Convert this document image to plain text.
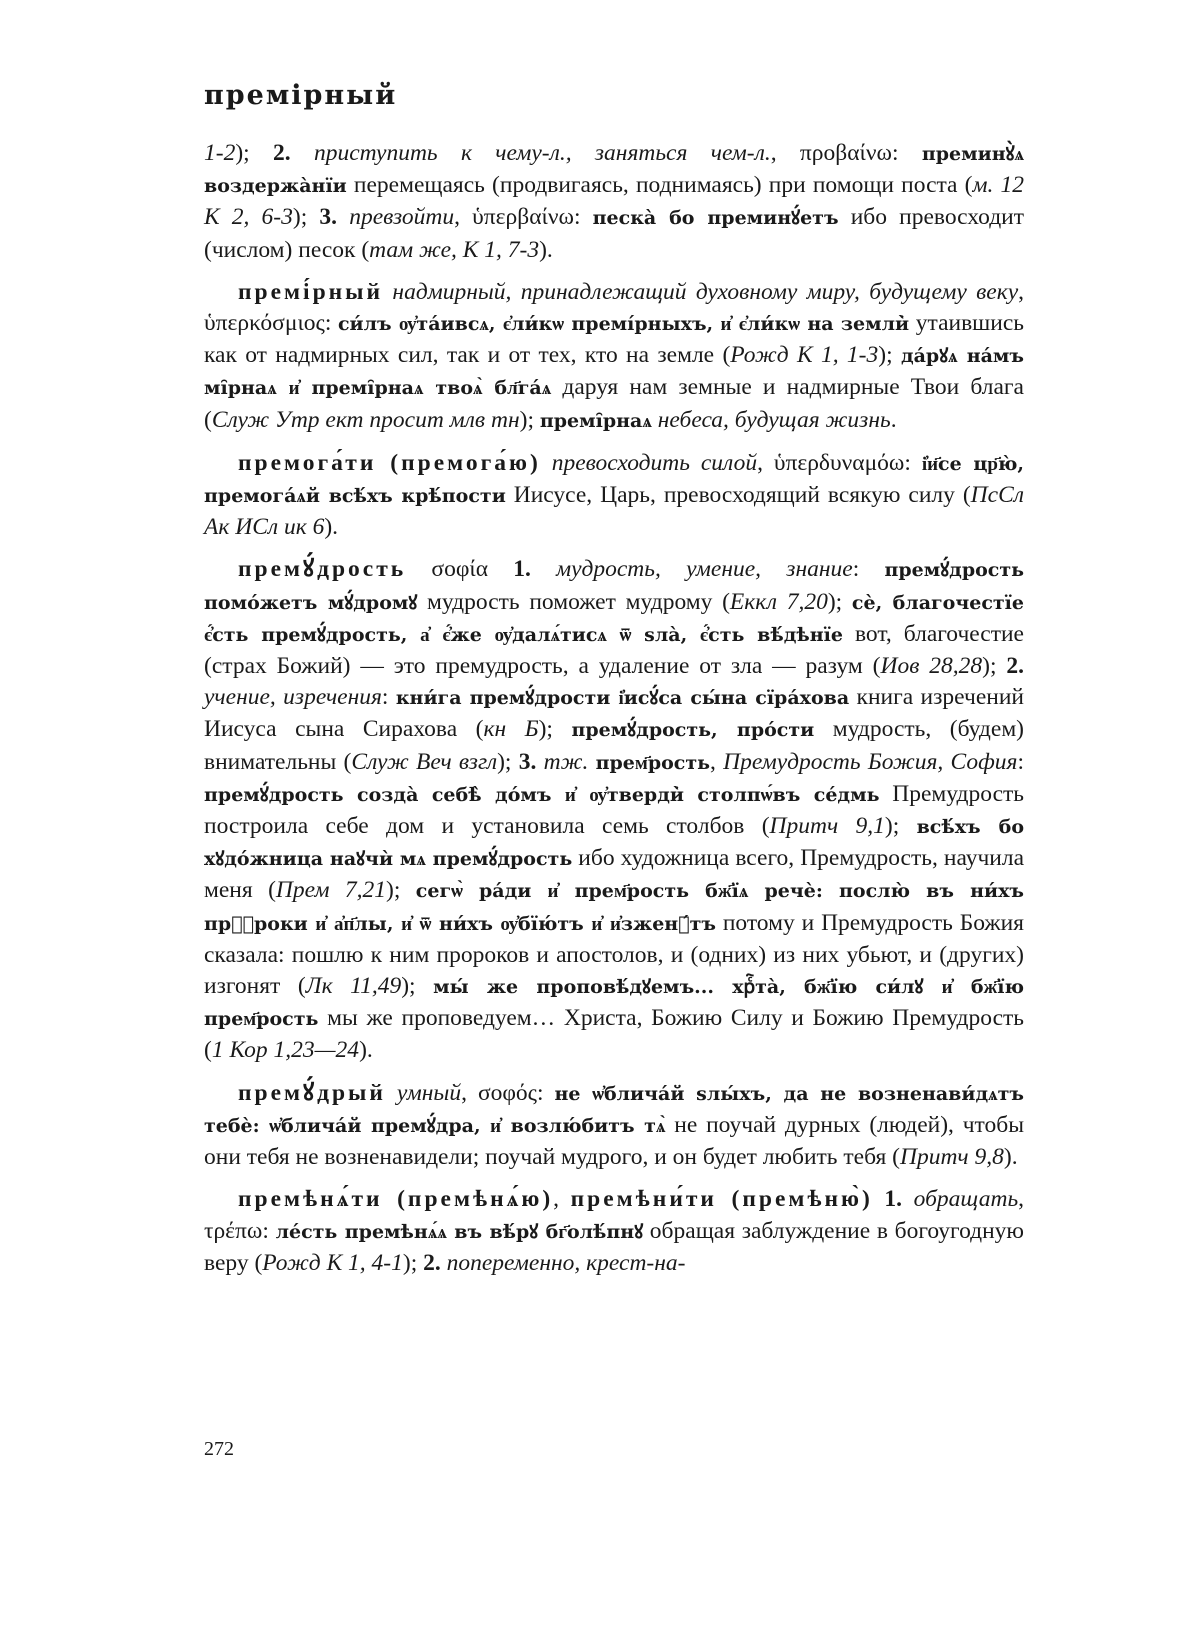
премірный

1-2); 2. приступить к чему-л., заняться чем-л., προβαίνω: преминꙋ̀ѧ воздержа̀нїи перемещаясь (продвигаясь, поднимаясь) при помощи поста (м. 12 К 2, 6-3); 3. превзойти, ὑπερβαίνω: песка̀ бо преминꙋ́етъ ибо превосходит (числом) песок (там же, К 1, 7-3).

премі́рный надмирный, принадлежащий духовному миру, будущему веку, ὑπερκόσμιος: си́лъ ѹ҆та́ивсѧ, є҆ли́кѡ премі́рныхъ, и҆ є҆ли́кѡ на земли̇̀ утаившись как от надмирных сил, так и от тех, кто на земле (Рожд К 1, 1-3); да́рꙋѧ на́мъ мі̑рнаѧ и҆ премі̑рнаѧ твоѧ̀ бл҃га́ѧ даруя нам земные и надмирные Твои блага (Служ Утр ект просит млв тн); премі̑рнаѧ небеса, будущая жизнь.

премога́ти (премога́ю) превосходить силой, ὑπερδυναμόω: і҆и҃се цр҃ю̀, премога́ѧй всѣ́хъ крѣ́пости Иисусе, Царь, превосходящий всякую силу (ПсСл Ак ИСл ик 6).

премꙋ́дрость σοφία 1. мудрость, умение, знание: премꙋ́дрость помо́жетъ мꙋ́дромꙋ мудрость поможет мудрому (Еккл 7,20); сѐ, благочестїе є҆́сть премꙋ́дрость, а҆ є҆́же ѹ҆далѧ́тисѧ ѿ ѕла̀, є҆́сть вѣ́дѣнїе вот, благочестие (страх Божий) — это премудрость, а удаление от зла — разум (Иов 28,28); 2. учение, изречения: кни́га премꙋ́дрости і҆исꙋ́са сы́на сїра́хова книга изречений Иисуса сына Сирахова (кн Б); премꙋ́дрость, про́сти мудрость, (будем) внимательны (Служ Веч взгл); 3. тж. прем҃рость, Премудрость Божия, София: премꙋ́дрость созда̀ себѣ̀ до́мъ и҆ ѹ҆тверди̇̀ столпѡ́въ се́дмь Премудрость построила себе дом и установила семь столбов (Притч 9,1); всѣ́хъ бо хꙋдо́жница наꙋчѝ мѧ премꙋ́дрость ибо художница всего, Премудрость, научила меня (Прем 7,21); сегѡ̀ ра́ди и҆ прем҃рость бж҃їѧ речѐ: послю̀ въ ни́хъ прⷪ҇роки и҆ а҆п҃лы, и҆ ѿ ни́хъ ѹ҆бїю́тъ и҆ и҆зженꙋ́тъ потому и Премудрость Божия сказала: пошлю к ним пророков и апостолов, и (одних) из них убьют, и (других) изгонят (Лк 11,49); мы́ же проповѣ́дꙋемъ... хрⷭ҇та̀, бж҃їю си́лꙋ и҆ бж҃їю прем҃рость мы же проповедуем… Христа, Божию Силу и Божию Премудрость (1 Кор 1,23—24).

премꙋ́дрый умный, σοφός: не ѡ҆блича́й ѕлы́хъ, да не возненави́дѧтъ тебѐ: ѡ҆блича́й премꙋ́дра, и҆ возлю́битъ тѧ̀ не поучай дурных (людей), чтобы они тебя не возненавидели; поучай мудрого, и он будет любить тебя (Притч 9,8).

премѣнѧ́ти (премѣнѧ́ю), премѣни́ти (премѣню̀) 1. обращать, τρέπω: ле́сть премѣнѧ́ѧ въ вѣ́рꙋ бг҃олѣ́пнꙋ обращая заблуждение в богоугодную веру (Рожд К 1, 4-1); 2. попеременно, крест-на-

272
